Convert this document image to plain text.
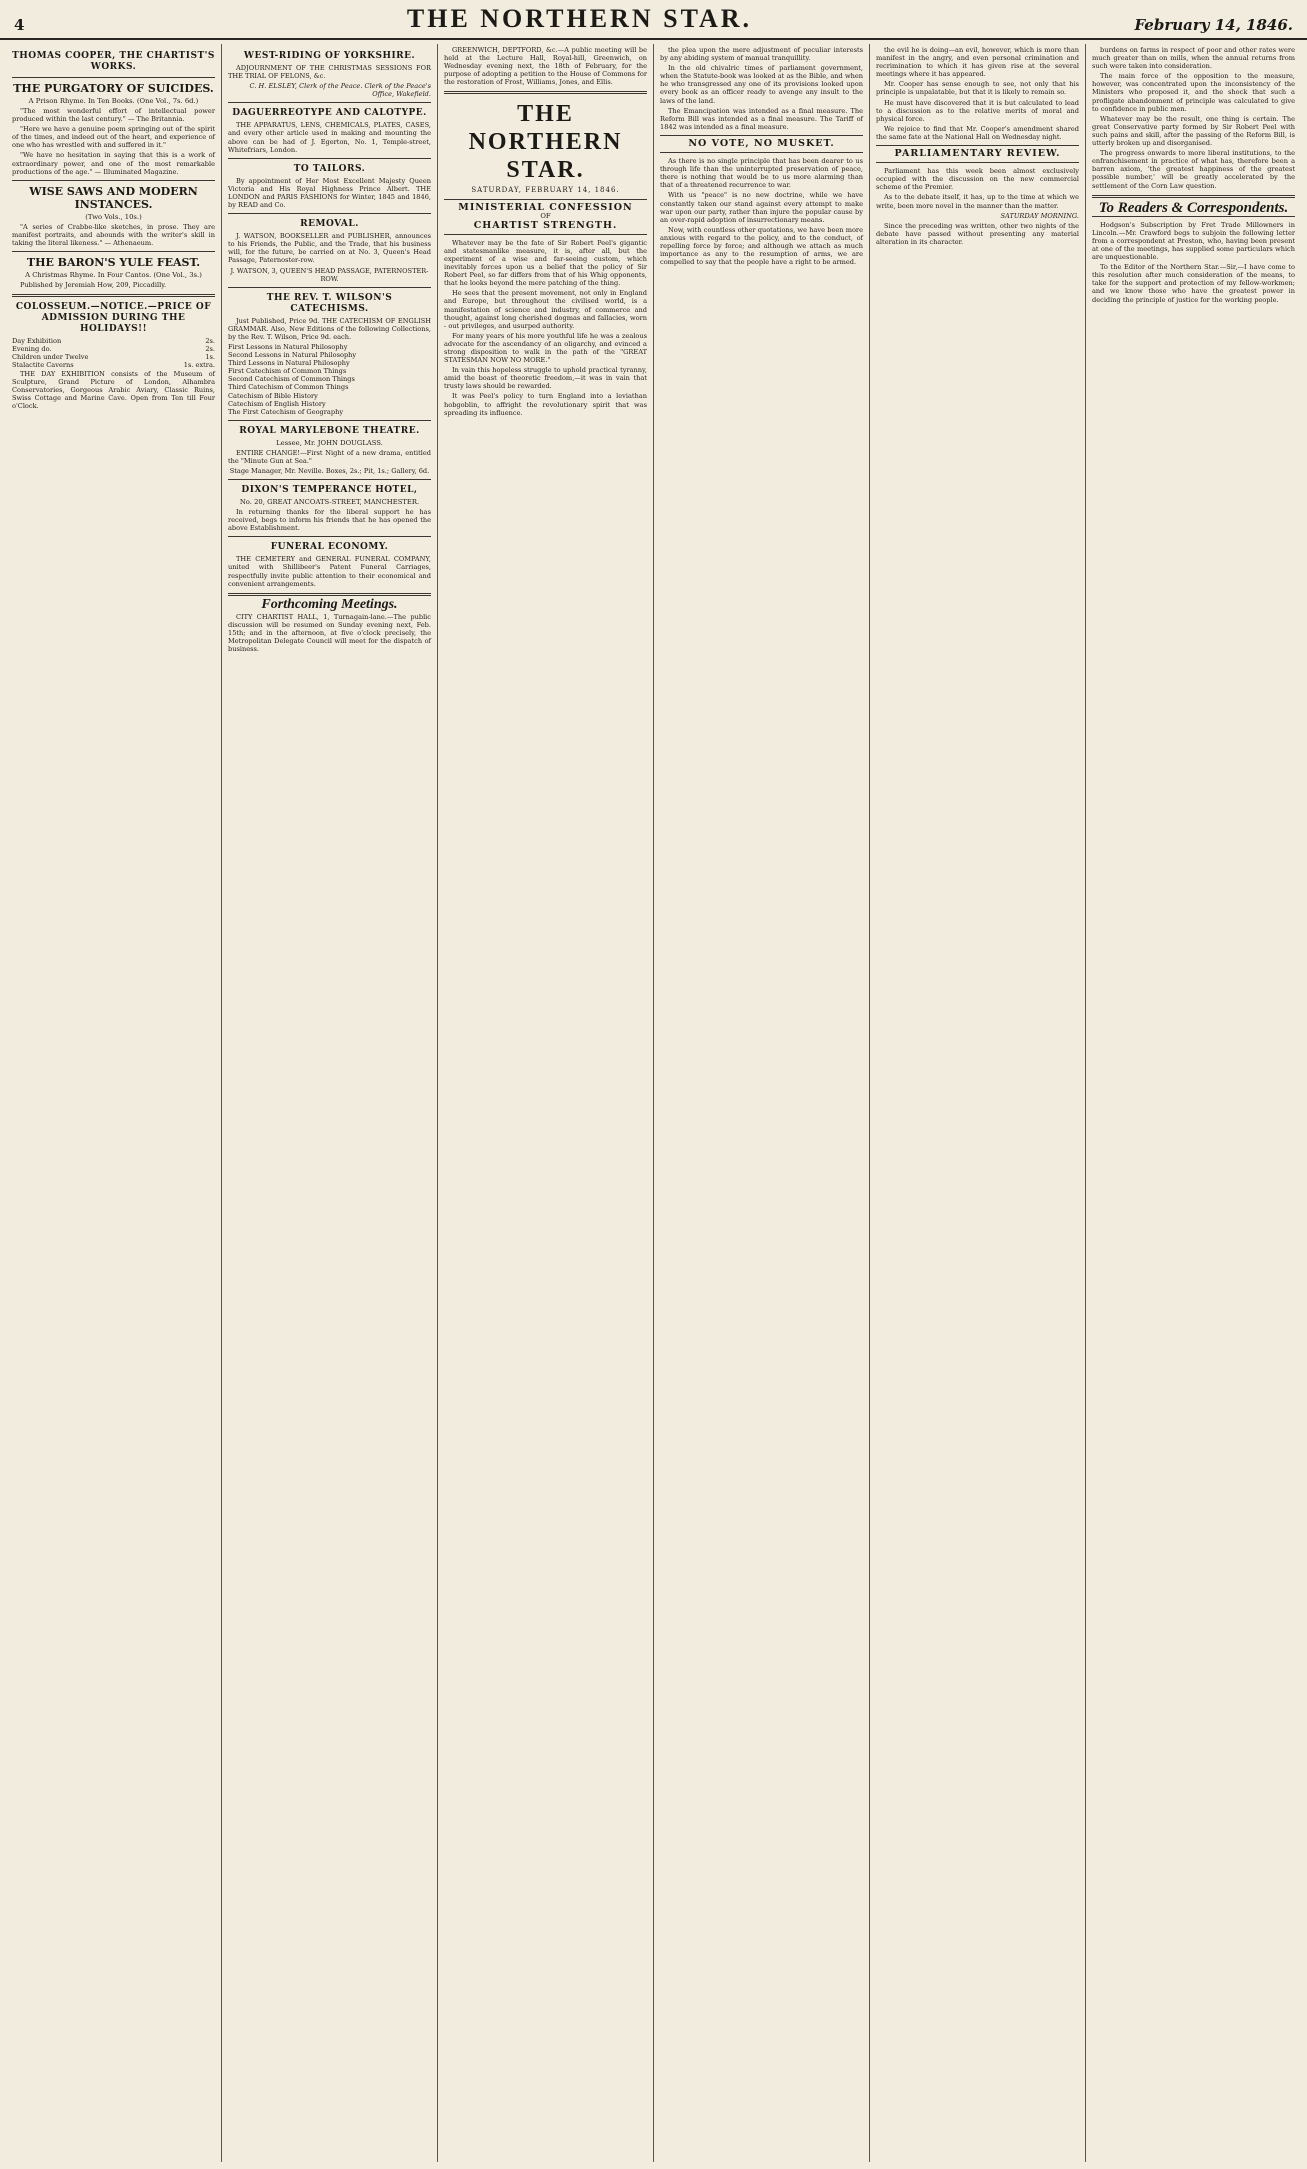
4	THE NORTHERN STAR.	February 14, 1846.
THOMAS COOPER, THE CHARTIST'S WORKS.
THE PURGATORY OF SUICIDES.
A Prison Rhyme. In Ten Books. (One Vol., 7s. 6d.)

"The most wonderful effort of intellectual power produced within the last century." — The Britannia.

"Here we have a genuine poem springing out of the spirit of the times, and indeed out of the heart, and experience of one who has wrestled with and suffered in it."

"We have no hesitation in saying that this is a work of extraordinary power, and one of the most remarkable productions of the age." — Illuminated Magazine.

WISE SAWS AND MODERN INSTANCES.
(Two Vols., 10s.)

"A series of Crabbe-like sketches, in prose. They are manifest portraits, and abounds with the writer's skill in taking the literal likeness." — Athenaeum.

THE BARON'S YULE FEAST.
A Christmas Rhyme. In Four Cantos. (One Vol., 3s.)

Published by Jeremiah How, 209, Piccadilly.

COLOSSEUM.—NOTICE.—PRICE OF ADMISSION DURING THE HOLIDAYS!!
Day Exhibition	2s.
Evening do.	2s.
Children under Twelve	1s.
Stalactite Caverns	1s. extra.

THE DAY EXHIBITION consists of the Museum of Sculpture, Grand Picture of London, Alhambra Conservatories, Gorgeous Arabic Aviary, Classic Ruins, Swiss Cottage and Marine Cave. Open from Ten till Four o'Clock.

WEST-RIDING OF YORKSHIRE.

ADJOURNMENT OF THE CHRISTMAS SESSIONS FOR THE TRIAL OF FELONS, &c.

C. H. ELSLEY, Clerk of the Peace. Clerk of the Peace's Office, Wakefield.
DAGUERREOTYPE AND CALOTYPE.

THE APPARATUS, LENS, CHEMICALS, PLATES, CASES, and every other article used in making and mounting the above can be had of J. Egerton, No. 1, Temple-street, Whitefriars, London.

TO TAILORS.

By appointment of Her Most Excellent Majesty Queen Victoria and His Royal Highness Prince Albert. THE LONDON and PARIS FASHIONS for Winter, 1845 and 1846, by READ and Co.

REMOVAL.

J. WATSON, BOOKSELLER and PUBLISHER, announces to his Friends, the Public, and the Trade, that his business will, for the future, be carried on at No. 3, Queen's Head Passage, Paternoster-row.

J. WATSON, 3, QUEEN'S HEAD PASSAGE, PATERNOSTER-ROW.
THE REV. T. WILSON'S CATECHISMS.

Just Published, Price 9d. THE CATECHISM OF ENGLISH GRAMMAR. Also, New Editions of the following Collections, by the Rev. T. Wilson, Price 9d. each.

First Lessons in Natural Philosophy
Second Lessons in Natural Philosophy
Third Lessons in Natural Philosophy
First Catechism of Common Things
Second Catechism of Common Things
Third Catechism of Common Things
Catechism of Bible History
Catechism of English History
The First Catechism of Geography
ROYAL MARYLEBONE THEATRE.
Lessee, Mr. JOHN DOUGLASS.

ENTIRE CHANGE!—First Night of a new drama, entitled the "Minute Gun at Sea."

Stage Manager, Mr. Neville. Boxes, 2s.; Pit, 1s.; Gallery, 6d.
DIXON'S TEMPERANCE HOTEL,
No. 20, GREAT ANCOATS-STREET, MANCHESTER.

In returning thanks for the liberal support he has received, begs to inform his friends that he has opened the above Establishment.

FUNERAL ECONOMY.

THE CEMETERY and GENERAL FUNERAL COMPANY, united with Shillibeer's Patent Funeral Carriages, respectfully invite public attention to their economical and convenient arrangements.

Forthcoming Meetings.

CITY CHARTIST HALL, 1, Turnagain-lane.—The public discussion will be resumed on Sunday evening next, Feb. 15th; and in the afternoon, at five o'clock precisely, the Metropolitan Delegate Council will meet for the dispatch of business.

GREENWICH, DEPTFORD, &c.—A public meeting will be held at the Lecture Hall, Royal-hill, Greenwich, on Wednesday evening next, the 18th of February, for the purpose of adopting a petition to the House of Commons for the restoration of Frost, Williams, Jones, and Ellis.

THE NORTHERN STAR.
SATURDAY, FEBRUARY 14, 1846.
MINISTERIAL CONFESSION
OF
CHARTIST STRENGTH.

Whatever may be the fate of Sir Robert Peel's gigantic and statesmanlike measure, it is, after all, but the experiment of a wise and far-seeing custom, which inevitably forces upon us a belief that the policy of Sir Robert Peel, so far differs from that of his Whig opponents, that he looks beyond the mere patching of the thing.

He sees that the present movement, not only in England and Europe, but throughout the civilised world, is a manifestation of science and industry, of commerce and thought, against long cherished dogmas and fallacies, worn - out privileges, and usurped authority.

For many years of his more youthful life he was a zealous advocate for the ascendancy of an oligarchy, and evinced a strong disposition to walk in the path of the "GREAT STATESMAN NOW NO MORE."

In vain this hopeless struggle to uphold practical tyranny, amid the boast of theoretic freedom,—it was in vain that trusty laws should be rewarded.

It was Peel's policy to turn England into a leviathan hobgoblin, to affright the revolutionary spirit that was spreading its influence.

the plea upon the mere adjustment of peculiar interests by any abiding system of manual tranquillity.

In the old chivalric times of parliament government, when the Statute-book was looked at as the Bible, and when he who transgressed any one of its provisions looked upon every book as an officer ready to avenge any insult to the laws of the land.

The Emancipation was intended as a final measure. The Reform Bill was intended as a final measure. The Tariff of 1842 was intended as a final measure.

NO VOTE, NO MUSKET.

As there is no single principle that has been dearer to us through life than the uninterrupted preservation of peace, there is nothing that would be to us more alarming than that of a threatened recurrence to war.

With us "peace" is no new doctrine, while we have constantly taken our stand against every attempt to make war upon our party, rather than injure the popular cause by an over-rapid adoption of insurrectionary means.

Now, with countless other quotations, we have been more anxious with regard to the policy, and to the conduct, of repelling force by force; and although we attach as much importance as any to the resumption of arms, we are compelled to say that the people have a right to be armed.

the evil he is doing—an evil, however, which is more than manifest in the angry, and even personal crimination and recrimination to which it has given rise at the several meetings where it has appeared.

Mr. Cooper has sense enough to see, not only that his principle is unpalatable, but that it is likely to remain so.

He must have discovered that it is but calculated to lead to a discussion as to the relative merits of moral and physical force.

We rejoice to find that Mr. Cooper's amendment shared the same fate at the National Hall on Wednesday night.

PARLIAMENTARY REVIEW.

Parliament has this week been almost exclusively occupied with the discussion on the new commercial scheme of the Premier.

As to the debate itself, it has, up to the time at which we write, been more novel in the manner than the matter.

SATURDAY MORNING.

Since the preceding was written, other two nights of the debate have passed without presenting any material alteration in its character.

burdens on farms in respect of poor and other rates were much greater than on mills, when the annual returns from such were taken into consideration.

The main force of the opposition to the measure, however, was concentrated upon the inconsistency of the Ministers who proposed it, and the shock that such a profligate abandonment of principle was calculated to give to confidence in public men.

Whatever may be the result, one thing is certain. The great Conservative party formed by Sir Robert Peel with such pains and skill, after the passing of the Reform Bill, is utterly broken up and disorganised.

The progress onwards to more liberal institutions, to the enfranchisement in practice of what has, therefore been a barren axiom, 'the greatest happiness of the greatest possible number,' will be greatly accelerated by the settlement of the Corn Law question.

To Readers & Correspondents.

Hodgson's Subscription by Fret Trade Millowners in Lincoln.—Mr. Crawford begs to subjoin the following letter from a correspondent at Preston, who, having been present at one of the meetings, has supplied some particulars which are unquestionable.

To the Editor of the Northern Star.—Sir,—I have come to this resolution after much consideration of the means, to take for the support and protection of my fellow-workmen; and we know those who have the greatest power in deciding the principle of justice for the working people.
